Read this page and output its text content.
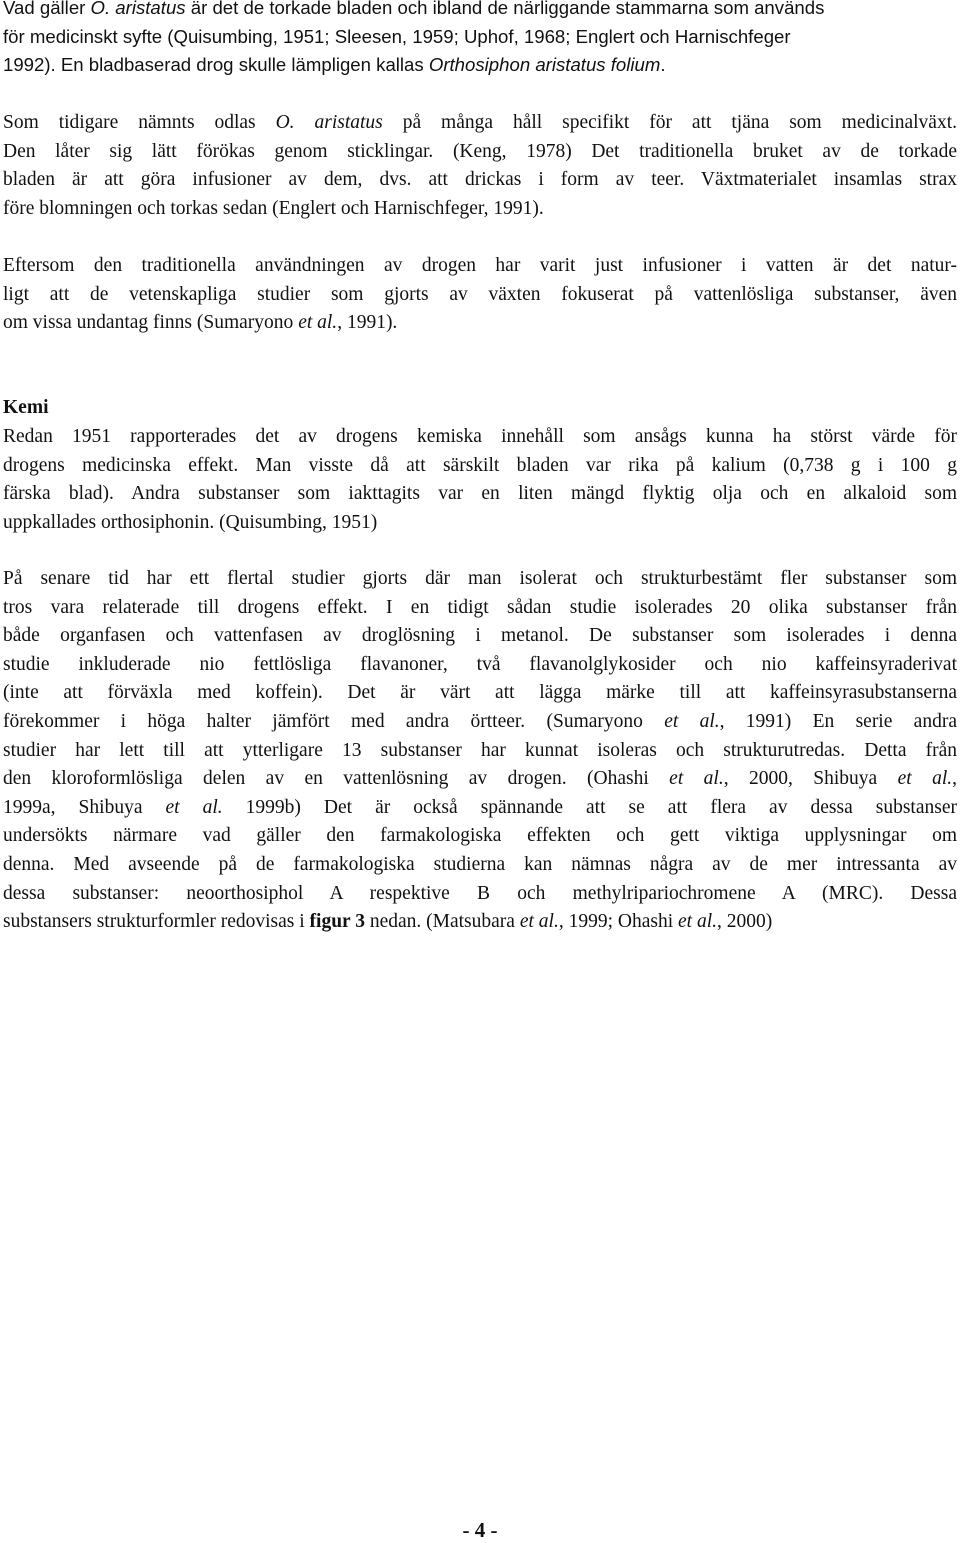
Vad gäller O. aristatus är det de torkade bladen och ibland de närliggande stammarna som används
för medicinskt syfte (Quisumbing, 1951; Sleesen, 1959; Uphof, 1968; Englert och Harnischfeger
1992). En bladbaserad drog skulle lämpligen kallas Orthosiphon aristatus folium.

Som tidigare nämnts odlas O. aristatus på många håll specifikt för att tjäna som medicinalväxt.
Den låter sig lätt förökas genom sticklingar. (Keng, 1978) Det traditionella bruket av de torkade
bladen är att göra infusioner av dem, dvs. att drickas i form av teer. Växtmaterialet insamlas strax
före blomningen och torkas sedan (Englert och Harnischfeger, 1991).

Eftersom den traditionella användningen av drogen har varit just infusioner i vatten är det natur-
ligt att de vetenskapliga studier som gjorts av växten fokuserat på vattenlösliga substanser, även
om vissa undantag finns (Sumaryono et al., 1991).

Kemi

Redan 1951 rapporterades det av drogens kemiska innehåll som ansågs kunna ha störst värde för
drogens medicinska effekt. Man visste då att särskilt bladen var rika på kalium (0,738 g i 100 g
färska blad). Andra substanser som iakttagits var en liten mängd flyktig olja och en alkaloid som
uppkallades orthosiphonin. (Quisumbing, 1951)

På senare tid har ett flertal studier gjorts där man isolerat och strukturbestämt fler substanser som
tros vara relaterade till drogens effekt. I en tidigt sådan studie isolerades 20 olika substanser från
både organfasen och vattenfasen av droglösning i metanol. De substanser som isolerades i denna
studie inkluderade nio fettlösliga flavanoner, två flavanolglykosider och nio kaffeinsyraderivat
(inte att förväxla med koffein). Det är värt att lägga märke till att kaffeinsyrasubstanserna
förekommer i höga halter jämfört med andra örtteer. (Sumaryono et al., 1991) En serie andra
studier har lett till att ytterligare 13 substanser har kunnat isoleras och strukturutredas. Detta från
den kloroformlösliga delen av en vattenlösning av drogen. (Ohashi et al., 2000, Shibuya et al.,
1999a, Shibuya et al. 1999b) Det är också spännande att se att flera av dessa substanser
undersökts närmare vad gäller den farmakologiska effekten och gett viktiga upplysningar om
denna. Med avseende på de farmakologiska studierna kan nämnas några av de mer intressanta av
dessa substanser: neoorthosiphol A respektive B och methylripariochromene A (MRC). Dessa
substansers strukturformler redovisas i figur 3 nedan. (Matsubara et al., 1999; Ohashi et al., 2000)

- 4 -
